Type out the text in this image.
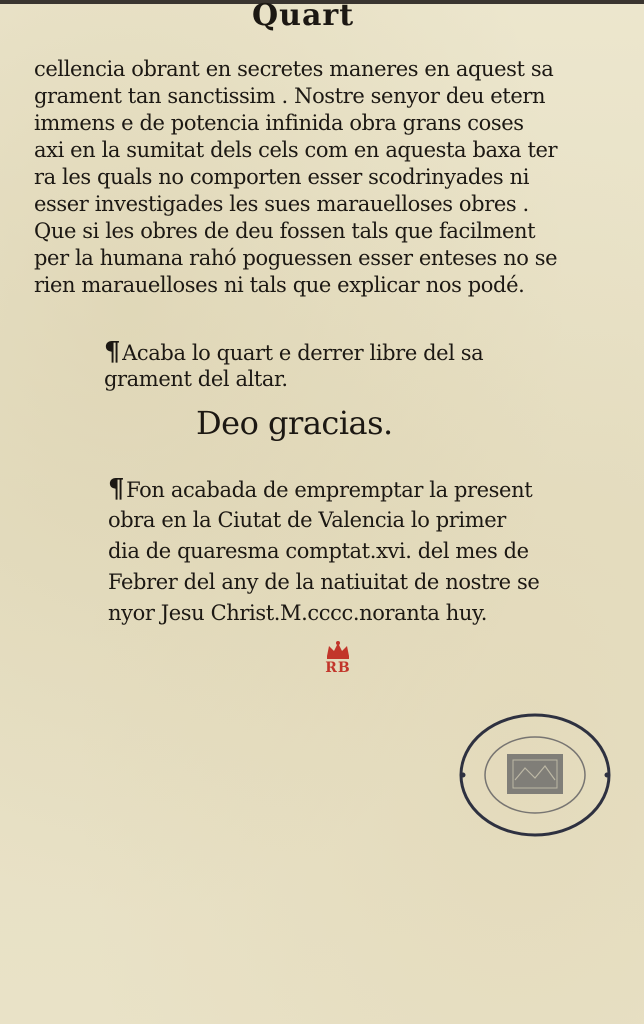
Quart
cellencia obrant en secretes maneres en aquest sa
grament tan sanctissim . Nostre senyor deu etern
immens e de potencia infinida obra grans coses
axi en la sumitat dels cels com en aquesta baxa ter
ra les quals no comporten esser scodrinyades ni
esser investigades les sues marauelloses obres .
Que si les obres de deu fossen tals que facilment
per la humana rahó poguessen esser enteses no se
rien marauelloses ni tals que explicar nos podé.
¶Acaba lo quart e derrer libre del sa
grament del altar.
Deo gracias.
¶Fon acabada de empremptar la present
obra en la Ciutat de Valencia lo primer
dia de quaresma comptat.xvi. del mes de
Febrer del any de la natiuitat de nostre se
nyor Jesu Christ.M.cccc.noranta huy.
RB
